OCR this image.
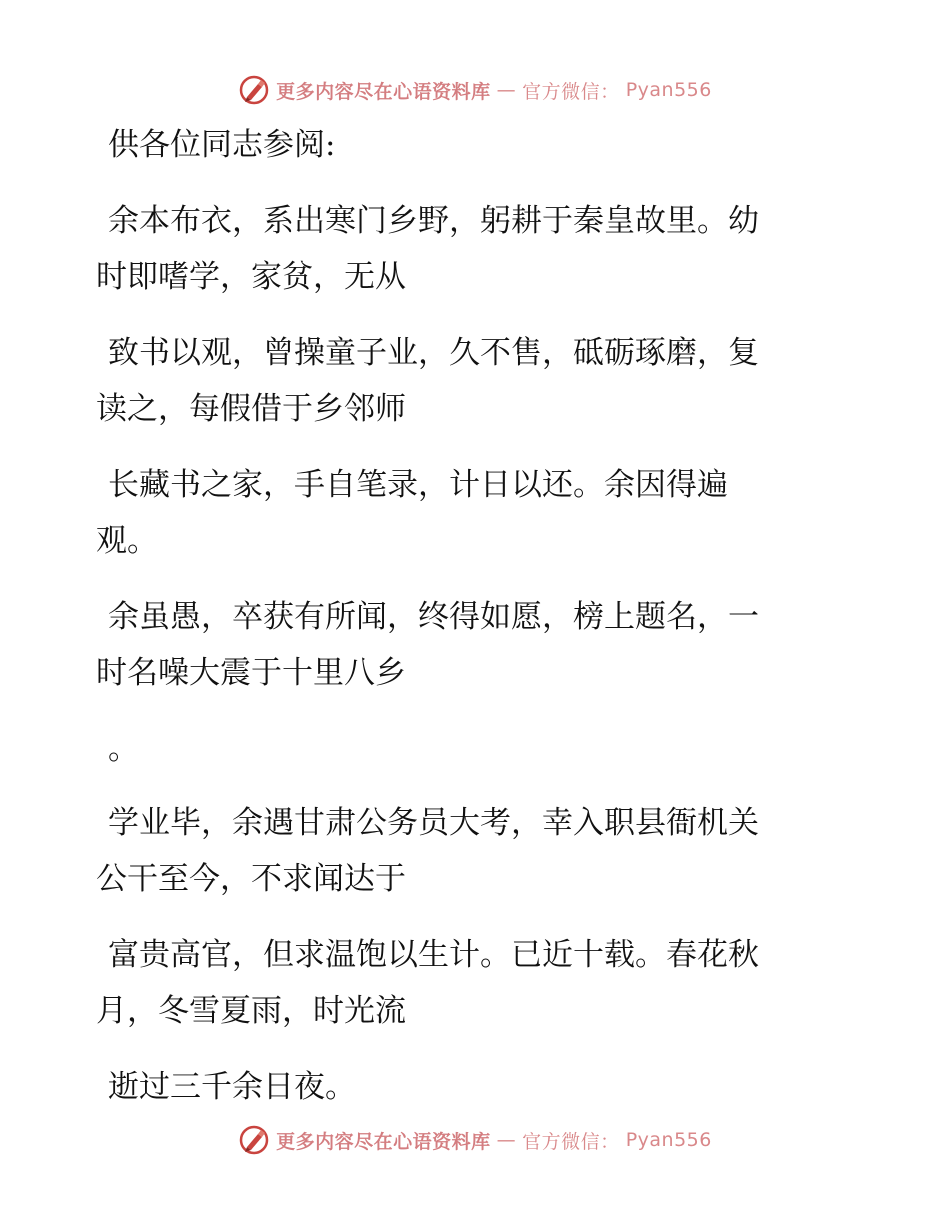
更多内容尽在心语资料库 — 官方微信： Pyan556
供各位同志参阅:
余本布衣，系出寒门乡野，躬耕于秦皇故里。幼
时即嗜学，家贫，无从
致书以观，曾操童子业，久不售，砥砺琢磨，复
读之，每假借于乡邻师
长藏书之家，手自笔录，计日以还。余因得遍
观。
余虽愚，卒获有所闻，终得如愿，榜上题名，一
时名噪大震于十里八乡
。
学业毕，余遇甘肃公务员大考，幸入职县衙机关
公干至今，不求闻达于
富贵高官，但求温饱以生计。已近十载。春花秋
月，冬雪夏雨，时光流
逝过三千余日夜。
更多内容尽在心语资料库 — 官方微信： Pyan556
